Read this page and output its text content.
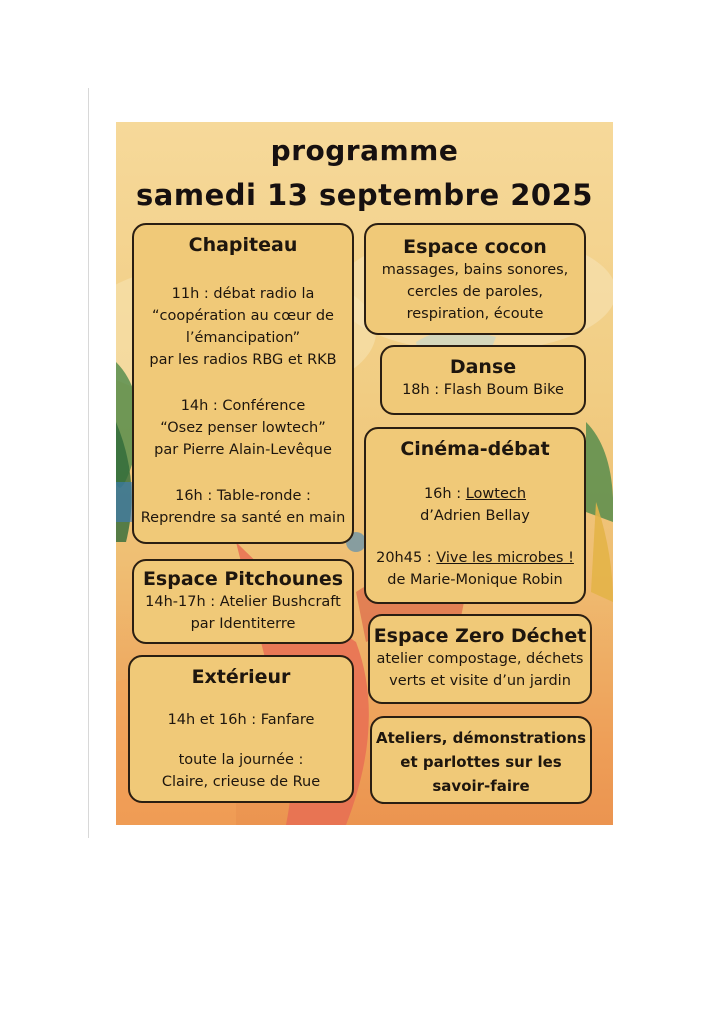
programme
samedi 13 septembre 2025
Chapiteau
11h : débat radio la
“coopération au cœur de
l’émancipation”
par les radios RBG et RKB
14h : Conférence
“Osez penser lowtech”
par Pierre Alain-Levêque
16h : Table-ronde :
Reprendre sa santé en main
Espace Pitchounes
14h-17h : Atelier Bushcraft
par Identiterre
Extérieur
14h et 16h : Fanfare
toute la journée :
Claire, crieuse de Rue
Espace cocon
massages, bains sonores,
cercles de paroles,
respiration, écoute
Danse
18h : Flash Boum Bike
Cinéma-débat
16h : Lowtech
d’Adrien Bellay
20h45 : Vive les microbes !
de Marie-Monique Robin
Espace Zero Déchet
atelier compostage, déchets
verts et visite d’un jardin
Ateliers, démonstrations
et parlottes sur les
savoir-faire
